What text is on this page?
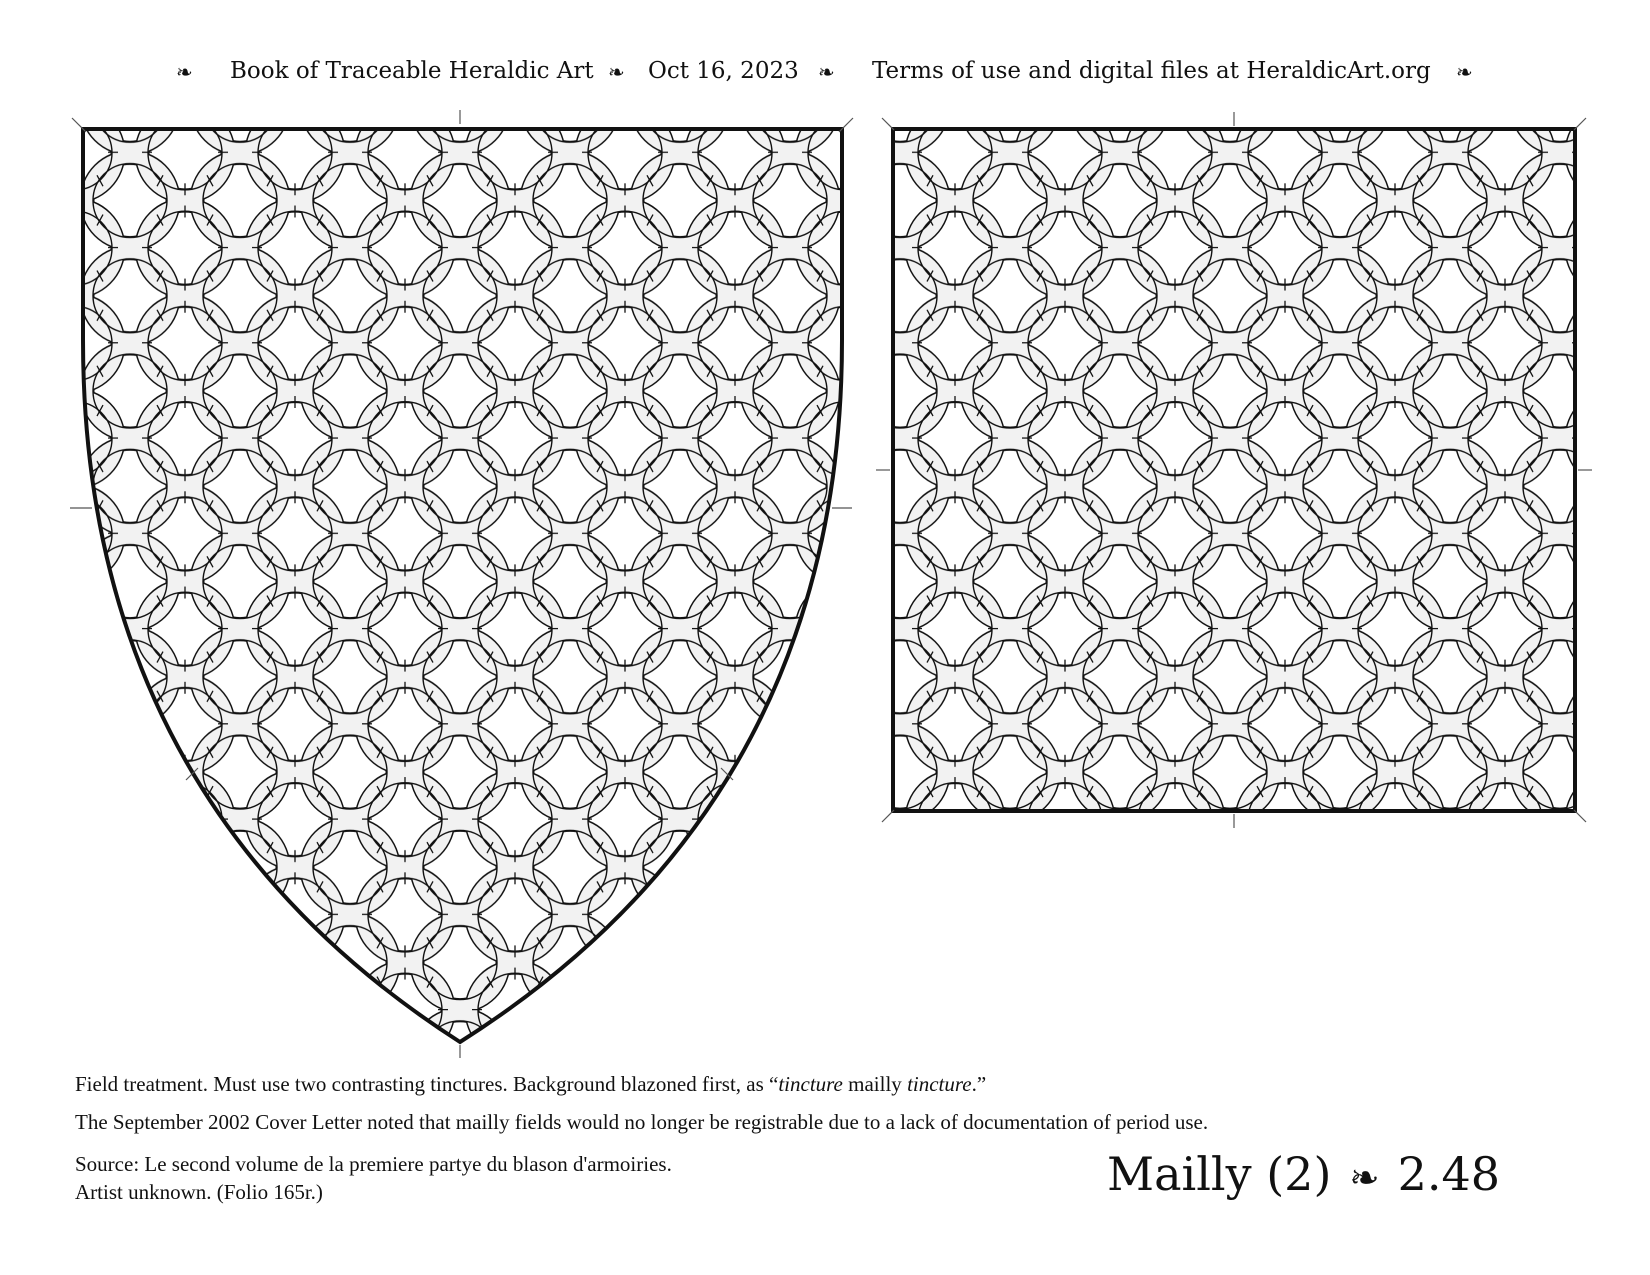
❧ Book of Traceable Heraldic Art ❧ Oct 16, 2023 ❧ Terms of use and digital files at HeraldicArt.org ❧
Field treatment. Must use two contrasting tinctures. Background blazoned first, as “tincture mailly tincture.”
The September 2002 Cover Letter noted that mailly fields would no longer be registrable due to a lack of documentation of period use.
Source: Le second volume de la premiere partye du blason d'armoiries.
Artist unknown. (Folio 165r.)	Mailly (2) ❧ 2.48
